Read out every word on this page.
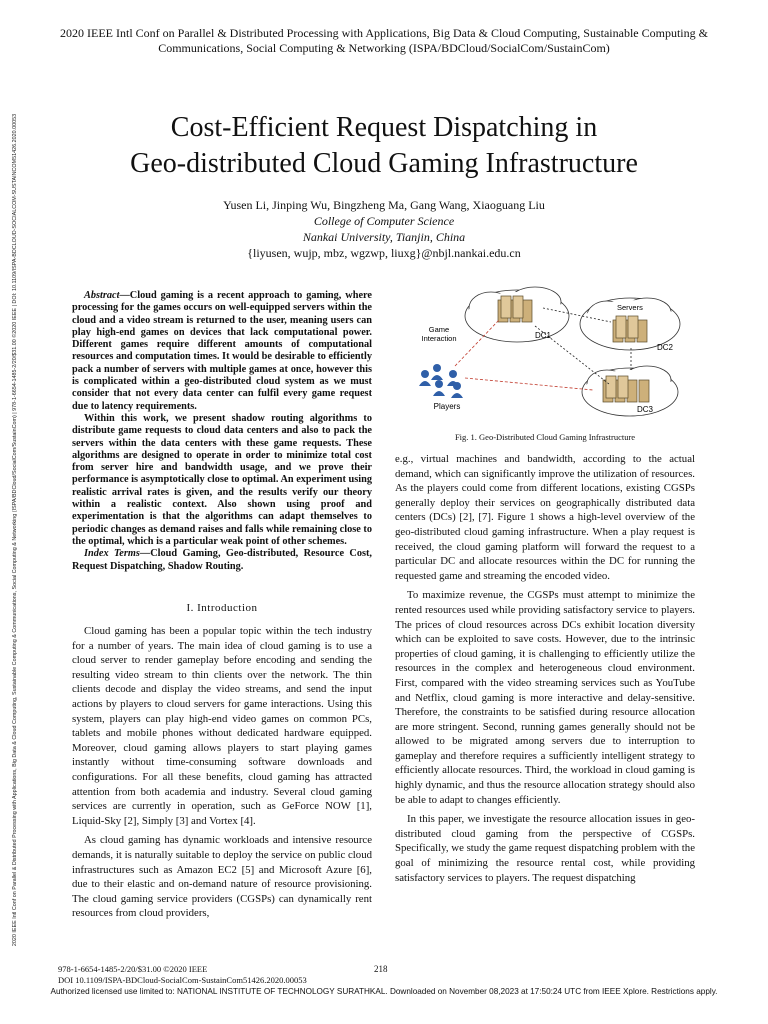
2020 IEEE Intl Conf on Parallel & Distributed Processing with Applications, Big Data & Cloud Computing, Sustainable Computing & Communications, Social Computing & Networking (ISPA/BDCloud/SocialCom/SustainCom)
2020 IEEE Intl Conf on Parallel & Distributed Processing with Applications, Big Data & Cloud Computing, Sustainable Computing & Communications, Social Computing & Networking (ISPA/BDCloud/SocialCom/SustainCom) | 978-1-6654-1485-2/20/$31.00 ©2020 IEEE | DOI: 10.1109/ISPA-BDCLOUD-SOCIALCOM-SUSTAINCOM51426.2020.00053	Cost-Efficient Request Dispatching in
Geo-distributed Cloud Gaming Infrastructure
Yusen Li, Jinping Wu, Bingzheng Ma, Gang Wang, Xiaoguang Liu
College of Computer Science
Nankai University, Tianjin, China
{liyusen, wujp, mbz, wgzwp, liuxg}@nbjl.nankai.edu.cn

Abstract—Cloud gaming is a recent approach to gaming, where processing for the games occurs on well-equipped servers within the cloud and a video stream is returned to the user, meaning users can play high-end games on devices that lack computational power. Different games require different amounts of computational resources and computation times. It would be desirable to efficiently pack a number of servers with multiple games at once, however this is complicated within a geo-distributed cloud system as we must consider that not every data center can fulfil every game request due to latency requirements.

Within this work, we present shadow routing algorithms to distribute game requests to cloud data centers and also to pack the servers within the data centers with these game requests. These algorithms are designed to operate in order to minimize total cost from server hire and bandwidth usage, and we prove their performance is asymptotically close to optimal. An experiment using realistic arrival rates is given, and the results verify our theory within a realistic context. Also shown using proof and experimentation is that the algorithms can adapt themselves to periodic changes as demand raises and falls while remaining close to the optimal, which is a particular weak point of other schemes.

Index Terms—Cloud Gaming, Geo-distributed, Resource Cost, Request Dispatching, Shadow Routing.

I. Introduction

Cloud gaming has been a popular topic within the tech industry for a number of years. The main idea of cloud gaming is to use a cloud server to render gameplay before encoding and sending the resulting video stream to thin clients over the network. The thin clients decode and display the video streams, and send the input actions by players to cloud servers for game interactions. Using this system, players can play high-end video games on common PCs, tablets and mobile phones without dedicated hardware equipped. Moreover, cloud gaming allows players to start playing games instantly without time-consuming software downloads and configurations. For all these benefits, cloud gaming has attracted attention from both academia and industry. Several cloud gaming services are currently in operation, such as GeForce NOW [1], Liquid-Sky [2], Simply [3] and Vortex [4].

As cloud gaming has dynamic workloads and intensive resource demands, it is naturally suitable to deploy the service on public cloud infrastructures such as Amazon EC2 [5] and Microsoft Azure [6], due to their elastic and on-demand nature of resource provisioning. The cloud gaming service providers (CGSPs) can dynamically rent resources from cloud providers,

Game
Interaction	DC1
Servers
DC2
DC3
Players
Fig. 1. Geo-Distributed Cloud Gaming Infrastructure

e.g., virtual machines and bandwidth, according to the actual demand, which can significantly improve the utilization of resources. As the players could come from different locations, existing CGSPs generally deploy their services on geographically distributed data centers (DCs) [2], [7]. Figure 1 shows a high-level overview of the geo-distributed cloud gaming infrastructure. When a play request is received, the cloud gaming platform will forward the request to a particular DC and allocate resources within the DC for running the requested game and streaming the encoded video.

To maximize revenue, the CGSPs must attempt to minimize the rented resources used while providing satisfactory service to players. The prices of cloud resources across DCs exhibit location diversity which can be exploited to save costs. However, due to the intrinsic properties of cloud gaming, it is challenging to efficiently utilize the resources in the complex and heterogeneous cloud environment. First, compared with the video streaming services such as YouTube and Netflix, cloud gaming is more interactive and delay-sensitive. Therefore, the constraints to be satisfied during resource allocation are more stringent. Second, running games generally should not be allowed to be migrated among servers due to interruption to gameplay and therefore requires a sufficiently intelligent strategy to efficiently allocate resources. Third, the workload in cloud gaming is highly dynamic, and thus the resource allocation strategy should also be able to adapt to changes efficiently.

In this paper, we investigate the resource allocation issues in geo-distributed cloud gaming from the perspective of CGSPs. Specifically, we study the game request dispatching problem with the goal of minimizing the resource rental cost, while providing satisfactory services to players. The request dispatching

978-1-6654-1485-2/20/$31.00 ©2020 IEEE
DOI 10.1109/ISPA-BDCloud-SocialCom-SustainCom51426.2020.00053
218
Authorized licensed use limited to: NATIONAL INSTITUTE OF TECHNOLOGY SURATHKAL. Downloaded on November 08,2023 at 17:50:24 UTC from IEEE Xplore. Restrictions apply.
